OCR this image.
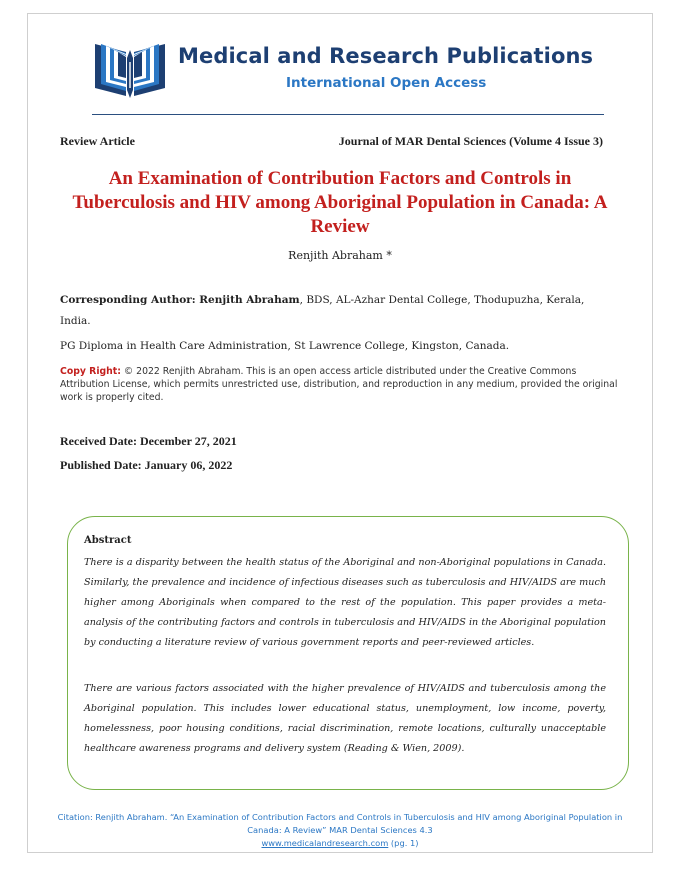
Medical and Research Publications
International Open Access
Review Article	Journal of MAR Dental Sciences (Volume 4 Issue 3)
An Examination of Contribution Factors and Controls in Tuberculosis and HIV among Aboriginal Population in Canada: A Review
Renjith Abraham *
Corresponding Author: Renjith Abraham, BDS, AL-Azhar Dental College, Thodupuzha, Kerala, India.
PG Diploma in Health Care Administration, St Lawrence College, Kingston, Canada.
Copy Right: © 2022 Renjith Abraham. This is an open access article distributed under the Creative Commons Attribution License, which permits unrestricted use, distribution, and reproduction in any medium, provided the original work is properly cited.
Received Date: December 27, 2021
Published Date: January 06, 2022
Abstract

There is a disparity between the health status of the Aboriginal and non-Aboriginal populations in Canada. Similarly, the prevalence and incidence of infectious diseases such as tuberculosis and HIV/AIDS are much higher among Aboriginals when compared to the rest of the population. This paper provides a meta-analysis of the contributing factors and controls in tuberculosis and HIV/AIDS in the Aboriginal population by conducting a literature review of various government reports and peer-reviewed articles.

There are various factors associated with the higher prevalence of HIV/AIDS and tuberculosis among the Aboriginal population. This includes lower educational status, unemployment, low income, poverty, homelessness, poor housing conditions, racial discrimination, remote locations, culturally unacceptable healthcare awareness programs and delivery system (Reading & Wien, 2009).

Citation: Renjith Abraham. “An Examination of Contribution Factors and Controls in Tuberculosis and HIV among Aboriginal Population in Canada: A Review” MAR Dental Sciences 4.3
www.medicalandresearch.com (pg. 1)
